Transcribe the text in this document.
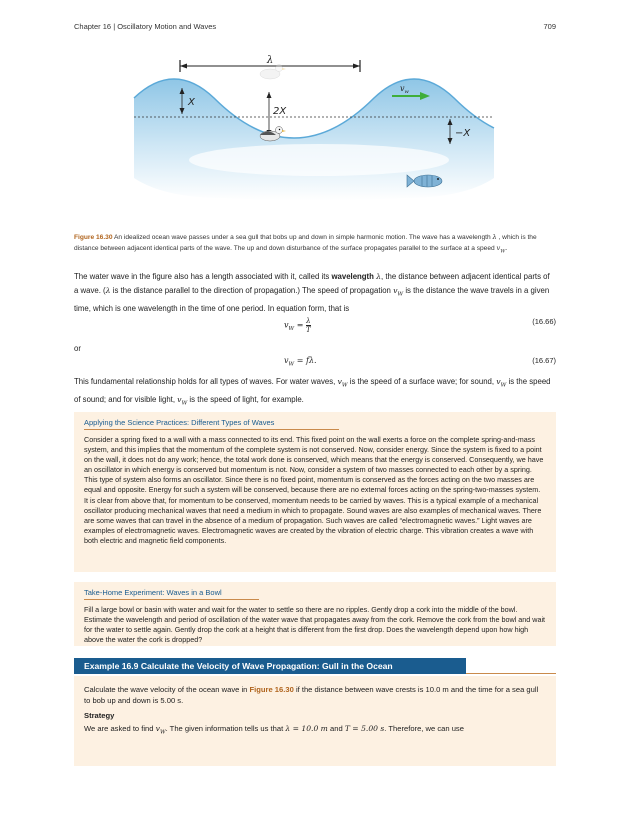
Chapter 16 | Oscillatory Motion and Waves	709
λ
X
2X
−X
$v_w$
Figure 16.30 An idealized ocean wave passes under a sea gull that bobs up and down in simple harmonic motion. The wave has a wavelength λ , which is the distance between adjacent identical parts of the wave. The up and down disturbance of the surface propagates parallel to the surface at a speed $v_W$.
The water wave in the figure also has a length associated with it, called its wavelength λ, the distance between adjacent identical parts of a wave. (λ is the distance parallel to the direction of propagation.) The speed of propagation $v_W$ is the distance the wave travels in a given time, which is one wavelength in the time of one period. In equation form, that is
$v_W = \frac{\lambda}{T}$	(16.66)
or
$v_W = f\lambda$.	(16.67)
This fundamental relationship holds for all types of waves. For water waves, $v_W$ is the speed of a surface wave; for sound, $v_W$ is the speed of sound; and for visible light, $v_W$ is the speed of light, for example.
Applying the Science Practices: Different Types of Waves
Consider a spring fixed to a wall with a mass connected to its end. This fixed point on the wall exerts a force on the complete spring-and-mass system, and this implies that the momentum of the complete system is not conserved. Now, consider energy. Since the system is fixed to a point on the wall, it does not do any work; hence, the total work done is conserved, which means that the energy is conserved. Consequently, we have an oscillator in which energy is conserved but momentum is not. Now, consider a system of two masses connected to each other by a spring. This type of system also forms an oscillator. Since there is no fixed point, momentum is conserved as the forces acting on the two masses are equal and opposite. Energy for such a system will be conserved, because there are no external forces acting on the spring-two-masses system. It is clear from above that, for momentum to be conserved, momentum needs to be carried by waves. This is a typical example of a mechanical oscillator producing mechanical waves that need a medium in which to propagate. Sound waves are also examples of mechanical waves. There are some waves that can travel in the absence of a medium of propagation. Such waves are called “electromagnetic waves.” Light waves are examples of electromagnetic waves. Electromagnetic waves are created by the vibration of electric charge. This vibration creates a wave with both electric and magnetic field components.
Take-Home Experiment: Waves in a Bowl
Fill a large bowl or basin with water and wait for the water to settle so there are no ripples. Gently drop a cork into the middle of the bowl. Estimate the wavelength and period of oscillation of the water wave that propagates away from the cork. Remove the cork from the bowl and wait for the water to settle again. Gently drop the cork at a height that is different from the first drop. Does the wavelength depend upon how high above the water the cork is dropped?
Example 16.9 Calculate the Velocity of Wave Propagation: Gull in the Ocean
Calculate the wave velocity of the ocean wave in Figure 16.30 if the distance between wave crests is 10.0 m and the time for a sea gull to bob up and down is 5.00 s.
Strategy
We are asked to find $v_W$. The given information tells us that λ = 10.0 m and T = 5.00 s. Therefore, we can use
